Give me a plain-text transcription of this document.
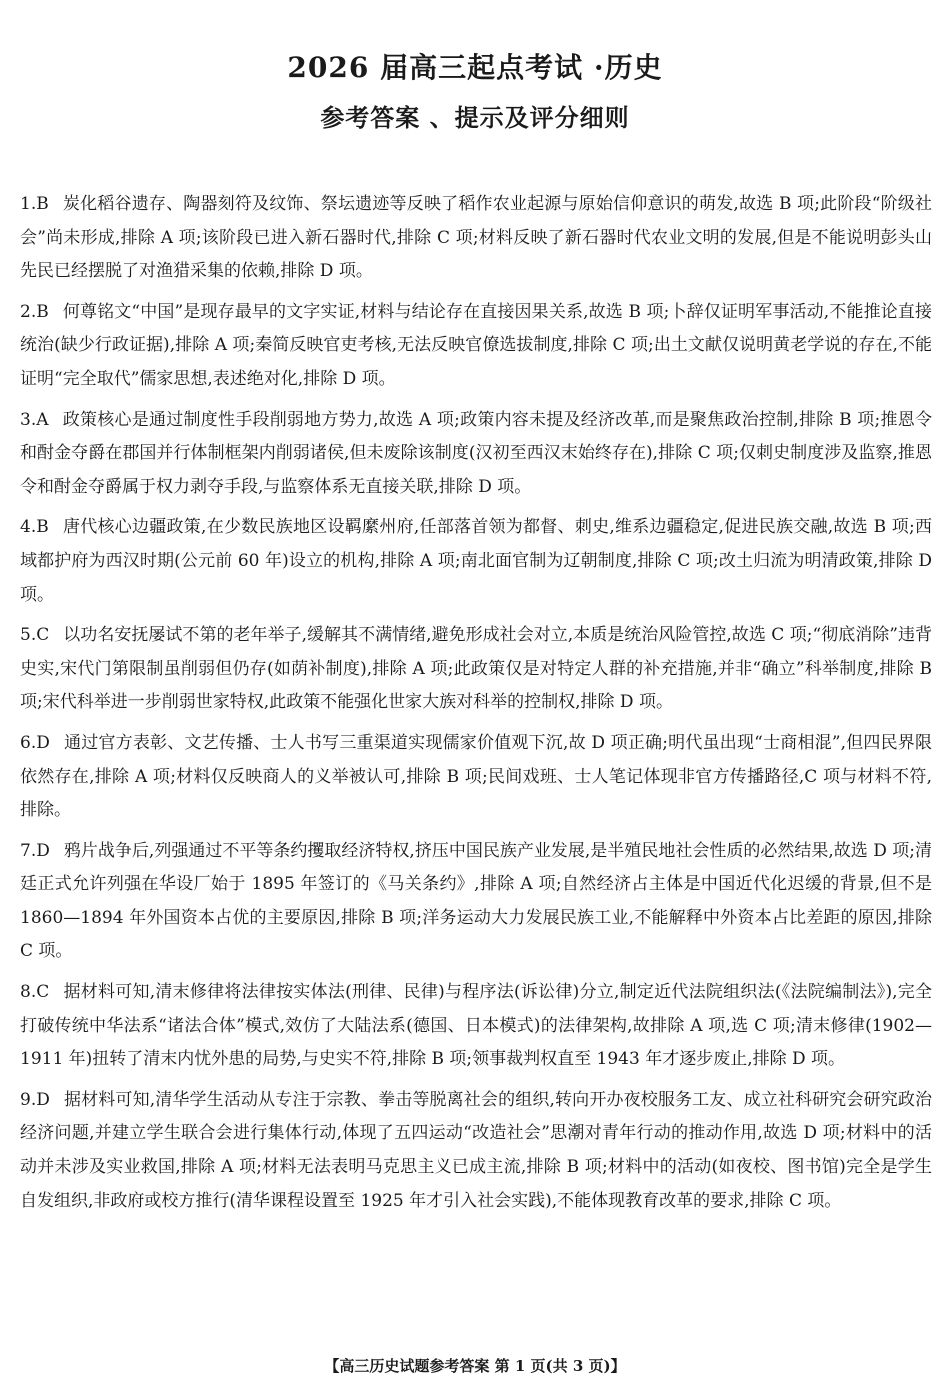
2026 届高三起点考试 ·历史
参考答案 、提示及评分细则

1.B 炭化稻谷遗存、陶器刻符及纹饰、祭坛遗迹等反映了稻作农业起源与原始信仰意识的萌发,故选 B 项;此阶段“阶级社会”尚未形成,排除 A 项;该阶段已进入新石器时代,排除 C 项;材料反映了新石器时代农业文明的发展,但是不能说明彭头山先民已经摆脱了对渔猎采集的依赖,排除 D 项。

2.B 何尊铭文“中国”是现存最早的文字实证,材料与结论存在直接因果关系,故选 B 项;卜辞仅证明军事活动,不能推论直接统治(缺少行政证据),排除 A 项;秦简反映官吏考核,无法反映官僚选拔制度,排除 C 项;出土文献仅说明黄老学说的存在,不能证明“完全取代”儒家思想,表述绝对化,排除 D 项。

3.A 政策核心是通过制度性手段削弱地方势力,故选 A 项;政策内容未提及经济改革,而是聚焦政治控制,排除 B 项;推恩令和酎金夺爵在郡国并行体制框架内削弱诸侯,但未废除该制度(汉初至西汉末始终存在),排除 C 项;仅刺史制度涉及监察,推恩令和酎金夺爵属于权力剥夺手段,与监察体系无直接关联,排除 D 项。

4.B 唐代核心边疆政策,在少数民族地区设羁縻州府,任部落首领为都督、刺史,维系边疆稳定,促进民族交融,故选 B 项;西域都护府为西汉时期(公元前 60 年)设立的机构,排除 A 项;南北面官制为辽朝制度,排除 C 项;改土归流为明清政策,排除 D 项。

5.C 以功名安抚屡试不第的老年举子,缓解其不满情绪,避免形成社会对立,本质是统治风险管控,故选 C 项;“彻底消除”违背史实,宋代门第限制虽削弱但仍存(如荫补制度),排除 A 项;此政策仅是对特定人群的补充措施,并非“确立”科举制度,排除 B 项;宋代科举进一步削弱世家特权,此政策不能强化世家大族对科举的控制权,排除 D 项。

6.D 通过官方表彰、文艺传播、士人书写三重渠道实现儒家价值观下沉,故 D 项正确;明代虽出现“士商相混”,但四民界限依然存在,排除 A 项;材料仅反映商人的义举被认可,排除 B 项;民间戏班、士人笔记体现非官方传播路径,C 项与材料不符,排除。

7.D 鸦片战争后,列强通过不平等条约攫取经济特权,挤压中国民族产业发展,是半殖民地社会性质的必然结果,故选 D 项;清廷正式允许列强在华设厂始于 1895 年签订的《马关条约》,排除 A 项;自然经济占主体是中国近代化迟缓的背景,但不是 1860—1894 年外国资本占优的主要原因,排除 B 项;洋务运动大力发展民族工业,不能解释中外资本占比差距的原因,排除 C 项。

8.C 据材料可知,清末修律将法律按实体法(刑律、民律)与程序法(诉讼律)分立,制定近代法院组织法(《法院编制法》),完全打破传统中华法系“诸法合体”模式,效仿了大陆法系(德国、日本模式)的法律架构,故排除 A 项,选 C 项;清末修律(1902—1911 年)扭转了清末内忧外患的局势,与史实不符,排除 B 项;领事裁判权直至 1943 年才逐步废止,排除 D 项。

9.D 据材料可知,清华学生活动从专注于宗教、拳击等脱离社会的组织,转向开办夜校服务工友、成立社科研究会研究政治经济问题,并建立学生联合会进行集体行动,体现了五四运动“改造社会”思潮对青年行动的推动作用,故选 D 项;材料中的活动并未涉及实业救国,排除 A 项;材料无法表明马克思主义已成主流,排除 B 项;材料中的活动(如夜校、图书馆)完全是学生自发组织,非政府或校方推行(清华课程设置至 1925 年才引入社会实践),不能体现教育改革的要求,排除 C 项。

【高三历史试题参考答案 第 1 页(共 3 页)】
